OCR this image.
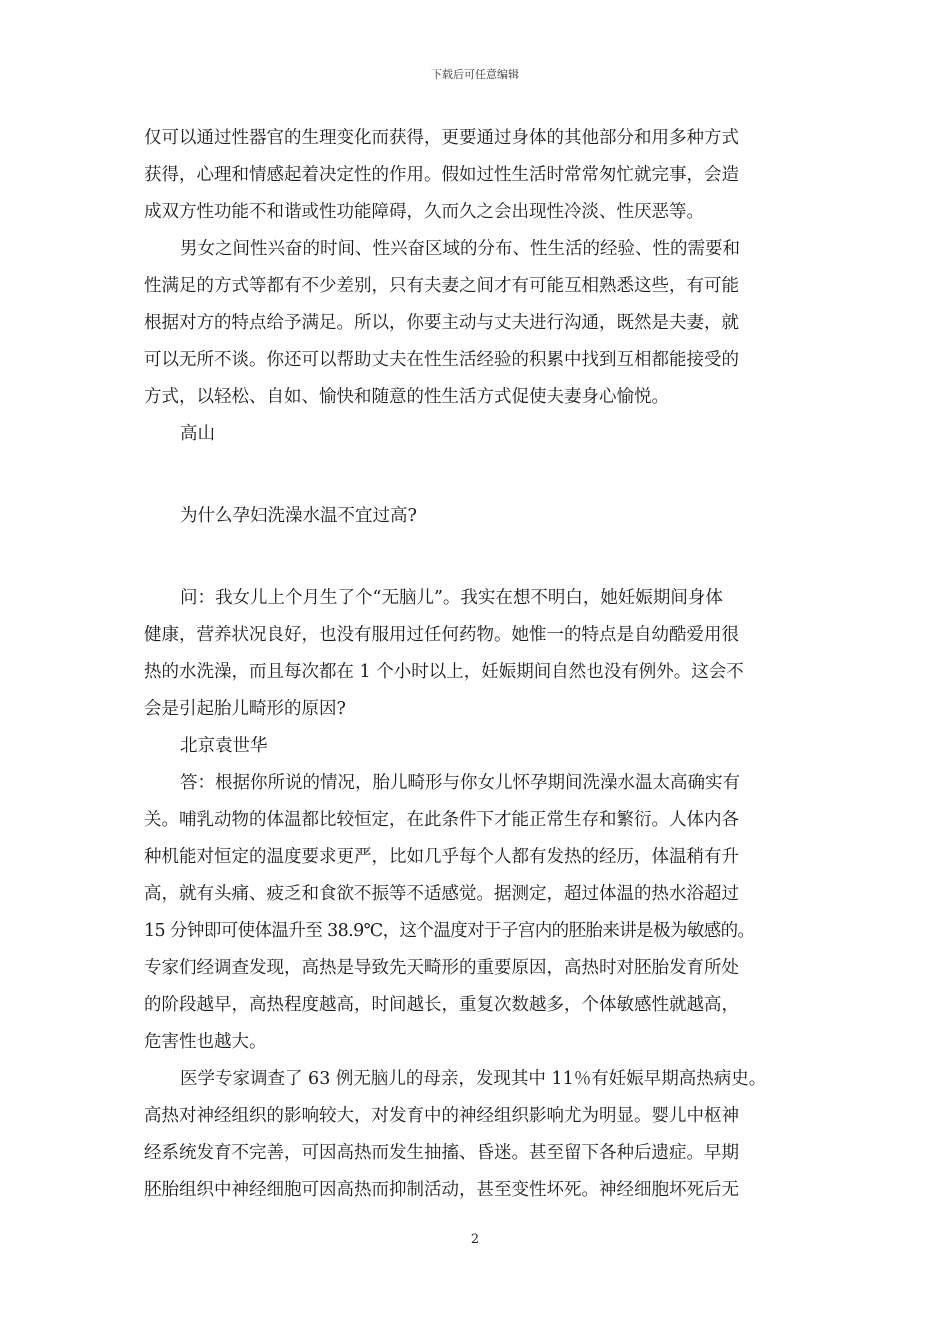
下载后可任意编辑
仅可以通过性器官的生理变化而获得，更要通过身体的其他部分和用多种方式
获得，心理和情感起着决定性的作用。假如过性生活时常常匆忙就完事，会造
成双方性功能不和谐或性功能障碍，久而久之会出现性冷淡、性厌恶等。
男女之间性兴奋的时间、性兴奋区域的分布、性生活的经验、性的需要和
性满足的方式等都有不少差别，只有夫妻之间才有可能互相熟悉这些，有可能
根据对方的特点给予满足。所以，你要主动与丈夫进行沟通，既然是夫妻，就
可以无所不谈。你还可以帮助丈夫在性生活经验的积累中找到互相都能接受的
方式，以轻松、自如、愉快和随意的性生活方式促使夫妻身心愉悦。
高山
为什么孕妇洗澡水温不宜过高?
问：我女儿上个月生了个“无脑儿”。我实在想不明白，她妊娠期间身体
健康，营养状况良好，也没有服用过任何药物。她惟一的特点是自幼酷爱用很
热的水洗澡，而且每次都在 1 个小时以上，妊娠期间自然也没有例外。这会不
会是引起胎儿畸形的原因?
北京袁世华
答：根据你所说的情况，胎儿畸形与你女儿怀孕期间洗澡水温太高确实有
关。哺乳动物的体温都比较恒定，在此条件下才能正常生存和繁衍。人体内各
种机能对恒定的温度要求更严，比如几乎每个人都有发热的经历，体温稍有升
高，就有头痛、疲乏和食欲不振等不适感觉。据测定，超过体温的热水浴超过
15 分钟即可使体温升至 38.9℃，这个温度对于子宫内的胚胎来讲是极为敏感的。
专家们经调查发现，高热是导致先天畸形的重要原因，高热时对胚胎发育所处
的阶段越早，高热程度越高，时间越长，重复次数越多，个体敏感性就越高，
危害性也越大。
医学专家调查了 63 例无脑儿的母亲，发现其中 11％有妊娠早期高热病史。
高热对神经组织的影响较大，对发育中的神经组织影响尤为明显。婴儿中枢神
经系统发育不完善，可因高热而发生抽搐、昏迷。甚至留下各种后遗症。早期
胚胎组织中神经细胞可因高热而抑制活动，甚至变性坏死。神经细胞坏死后无
2
